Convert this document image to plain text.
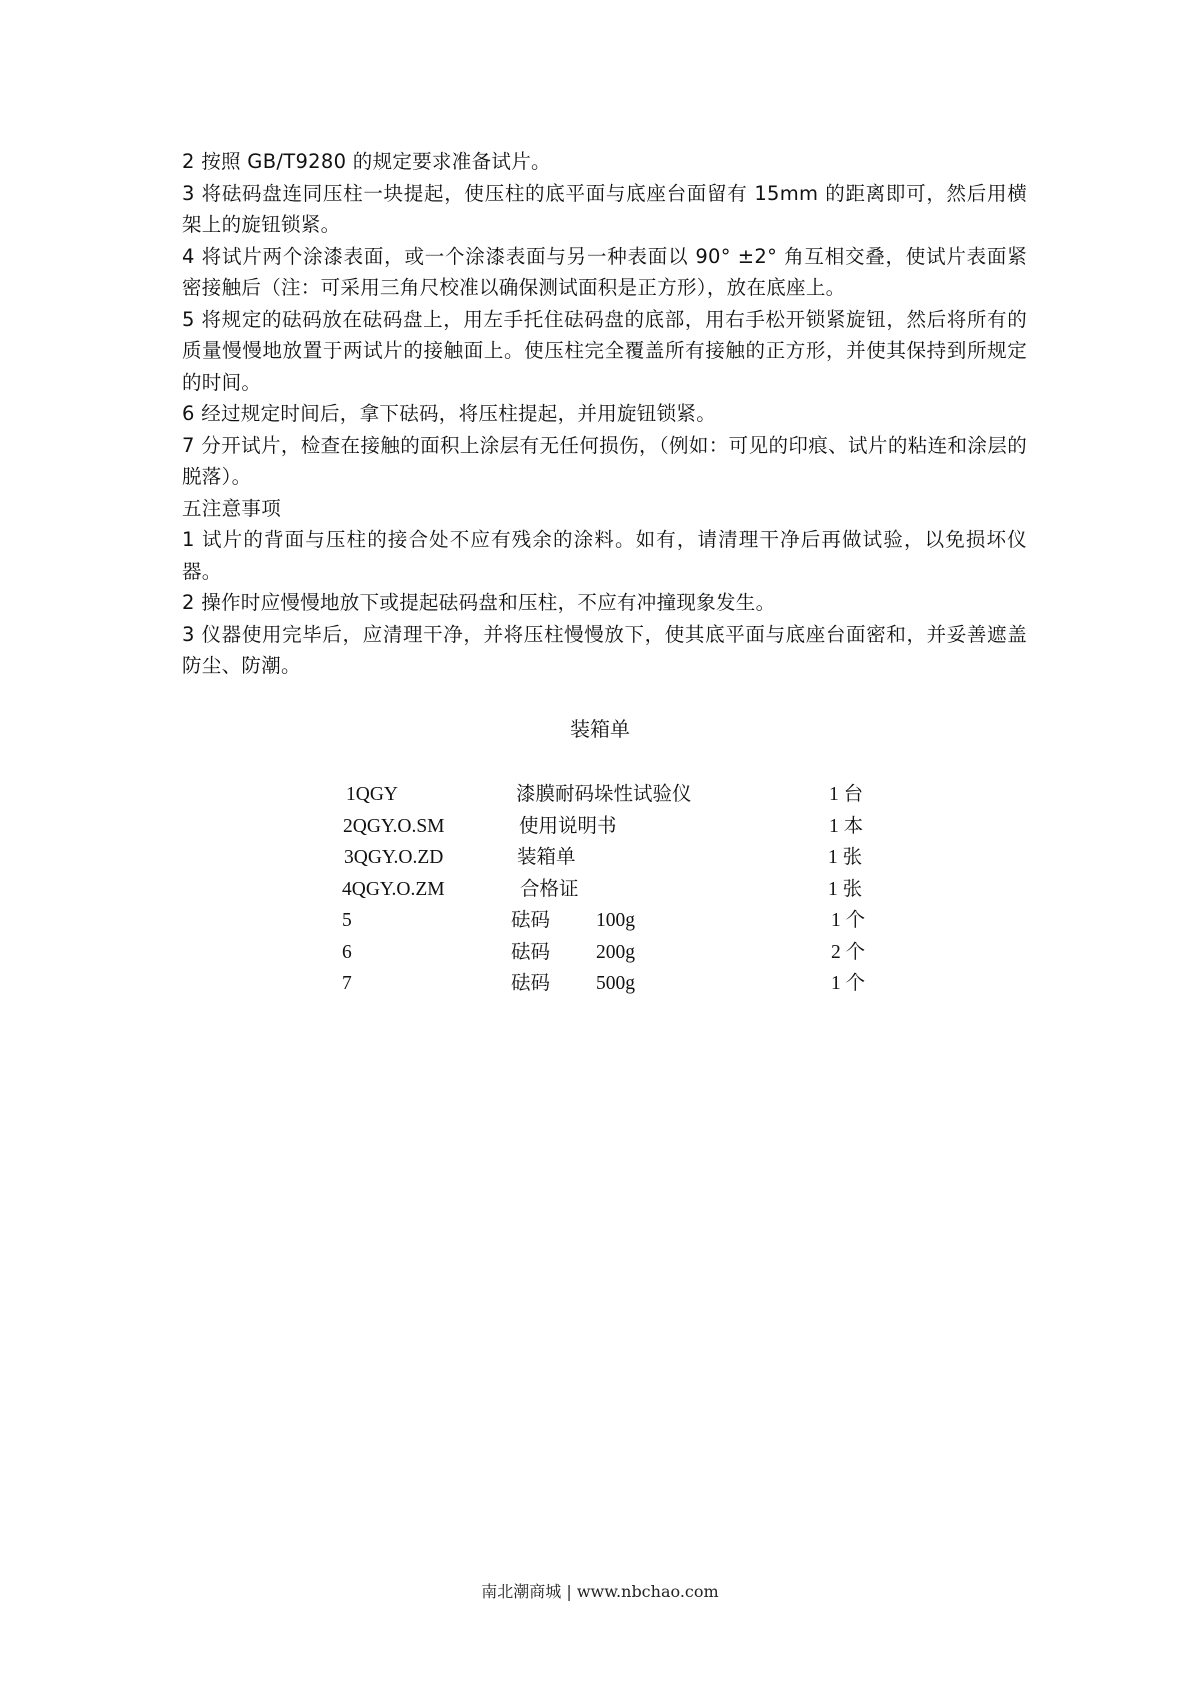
2 按照 GB/T9280 的规定要求准备试片。

3 将砝码盘连同压柱一块提起，使压柱的底平面与底座台面留有 15mm 的距离即可，然后用横架上的旋钮锁紧。

4 将试片两个涂漆表面，或一个涂漆表面与另一种表面以 90° ±2° 角互相交叠，使试片表面紧密接触后（注：可采用三角尺校准以确保测试面积是正方形），放在底座上。

5 将规定的砝码放在砝码盘上，用左手托住砝码盘的底部，用右手松开锁紧旋钮，然后将所有的质量慢慢地放置于两试片的接触面上。使压柱完全覆盖所有接触的正方形，并使其保持到所规定的时间。

6 经过规定时间后，拿下砝码，将压柱提起，并用旋钮锁紧。

7 分开试片，检查在接触的面积上涂层有无任何损伤，（例如：可见的印痕、试片的粘连和涂层的脱落）。

五注意事项

1 试片的背面与压柱的接合处不应有残余的涂料。如有，请清理干净后再做试验，以免损坏仪器。

2 操作时应慢慢地放下或提起砝码盘和压柱，不应有冲撞现象发生。

3 仪器使用完毕后，应清理干净，并将压柱慢慢放下，使其底平面与底座台面密和，并妥善遮盖防尘、防潮。

装箱单
1QGY	漆膜耐码垛性试验仪	1 台
2QGY.O.SM	使用说明书	1 本
3QGY.O.ZD	装箱单	1 张
4QGY.O.ZM	合格证	1 张
5	砝码 100g	1 个
6	砝码 200g	2 个
7	砝码 500g	1 个
南北潮商城 | www.nbchao.com
